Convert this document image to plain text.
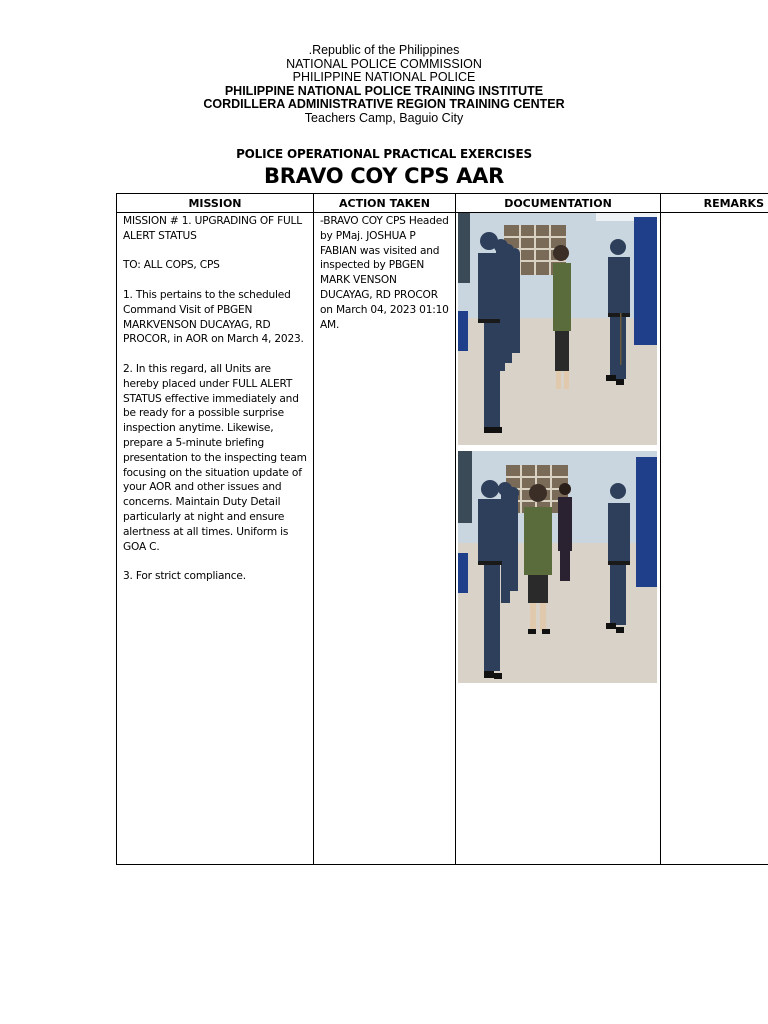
.Republic of the Philippines
NATIONAL POLICE COMMISSION
PHILIPPINE NATIONAL POLICE
PHILIPPINE NATIONAL POLICE TRAINING INSTITUTE
CORDILLERA ADMINISTRATIVE REGION TRAINING CENTER
Teachers Camp, Baguio City
POLICE OPERATIONAL PRACTICAL EXERCISES
BRAVO COY CPS AAR
MISSION	ACTION TAKEN	DOCUMENTATION	REMARKS

MISSION # 1. UPGRADING OF FULL ALERT STATUS

TO: ALL COPS, CPS

1. This pertains to the scheduled Command Visit of PBGEN MARKVENSON DUCAYAG, RD PROCOR, in AOR on March 4, 2023.

2. In this regard, all Units are hereby placed under FULL ALERT STATUS effective immediately and be ready for a possible surprise inspection anytime. Likewise, prepare a 5-minute briefing presentation to the inspecting team focusing on the situation update of your AOR and other issues and concerns. Maintain Duty Detail particularly at night and ensure alertness at all times. Uniform is GOA C.

3. For strict compliance.	-BRAVO COY CPS Headed by PMaj. JOSHUA P FABIAN was visited and inspected by PBGEN MARK VENSON DUCAYAG, RD PROCOR on March 04, 2023 01:10 AM.
